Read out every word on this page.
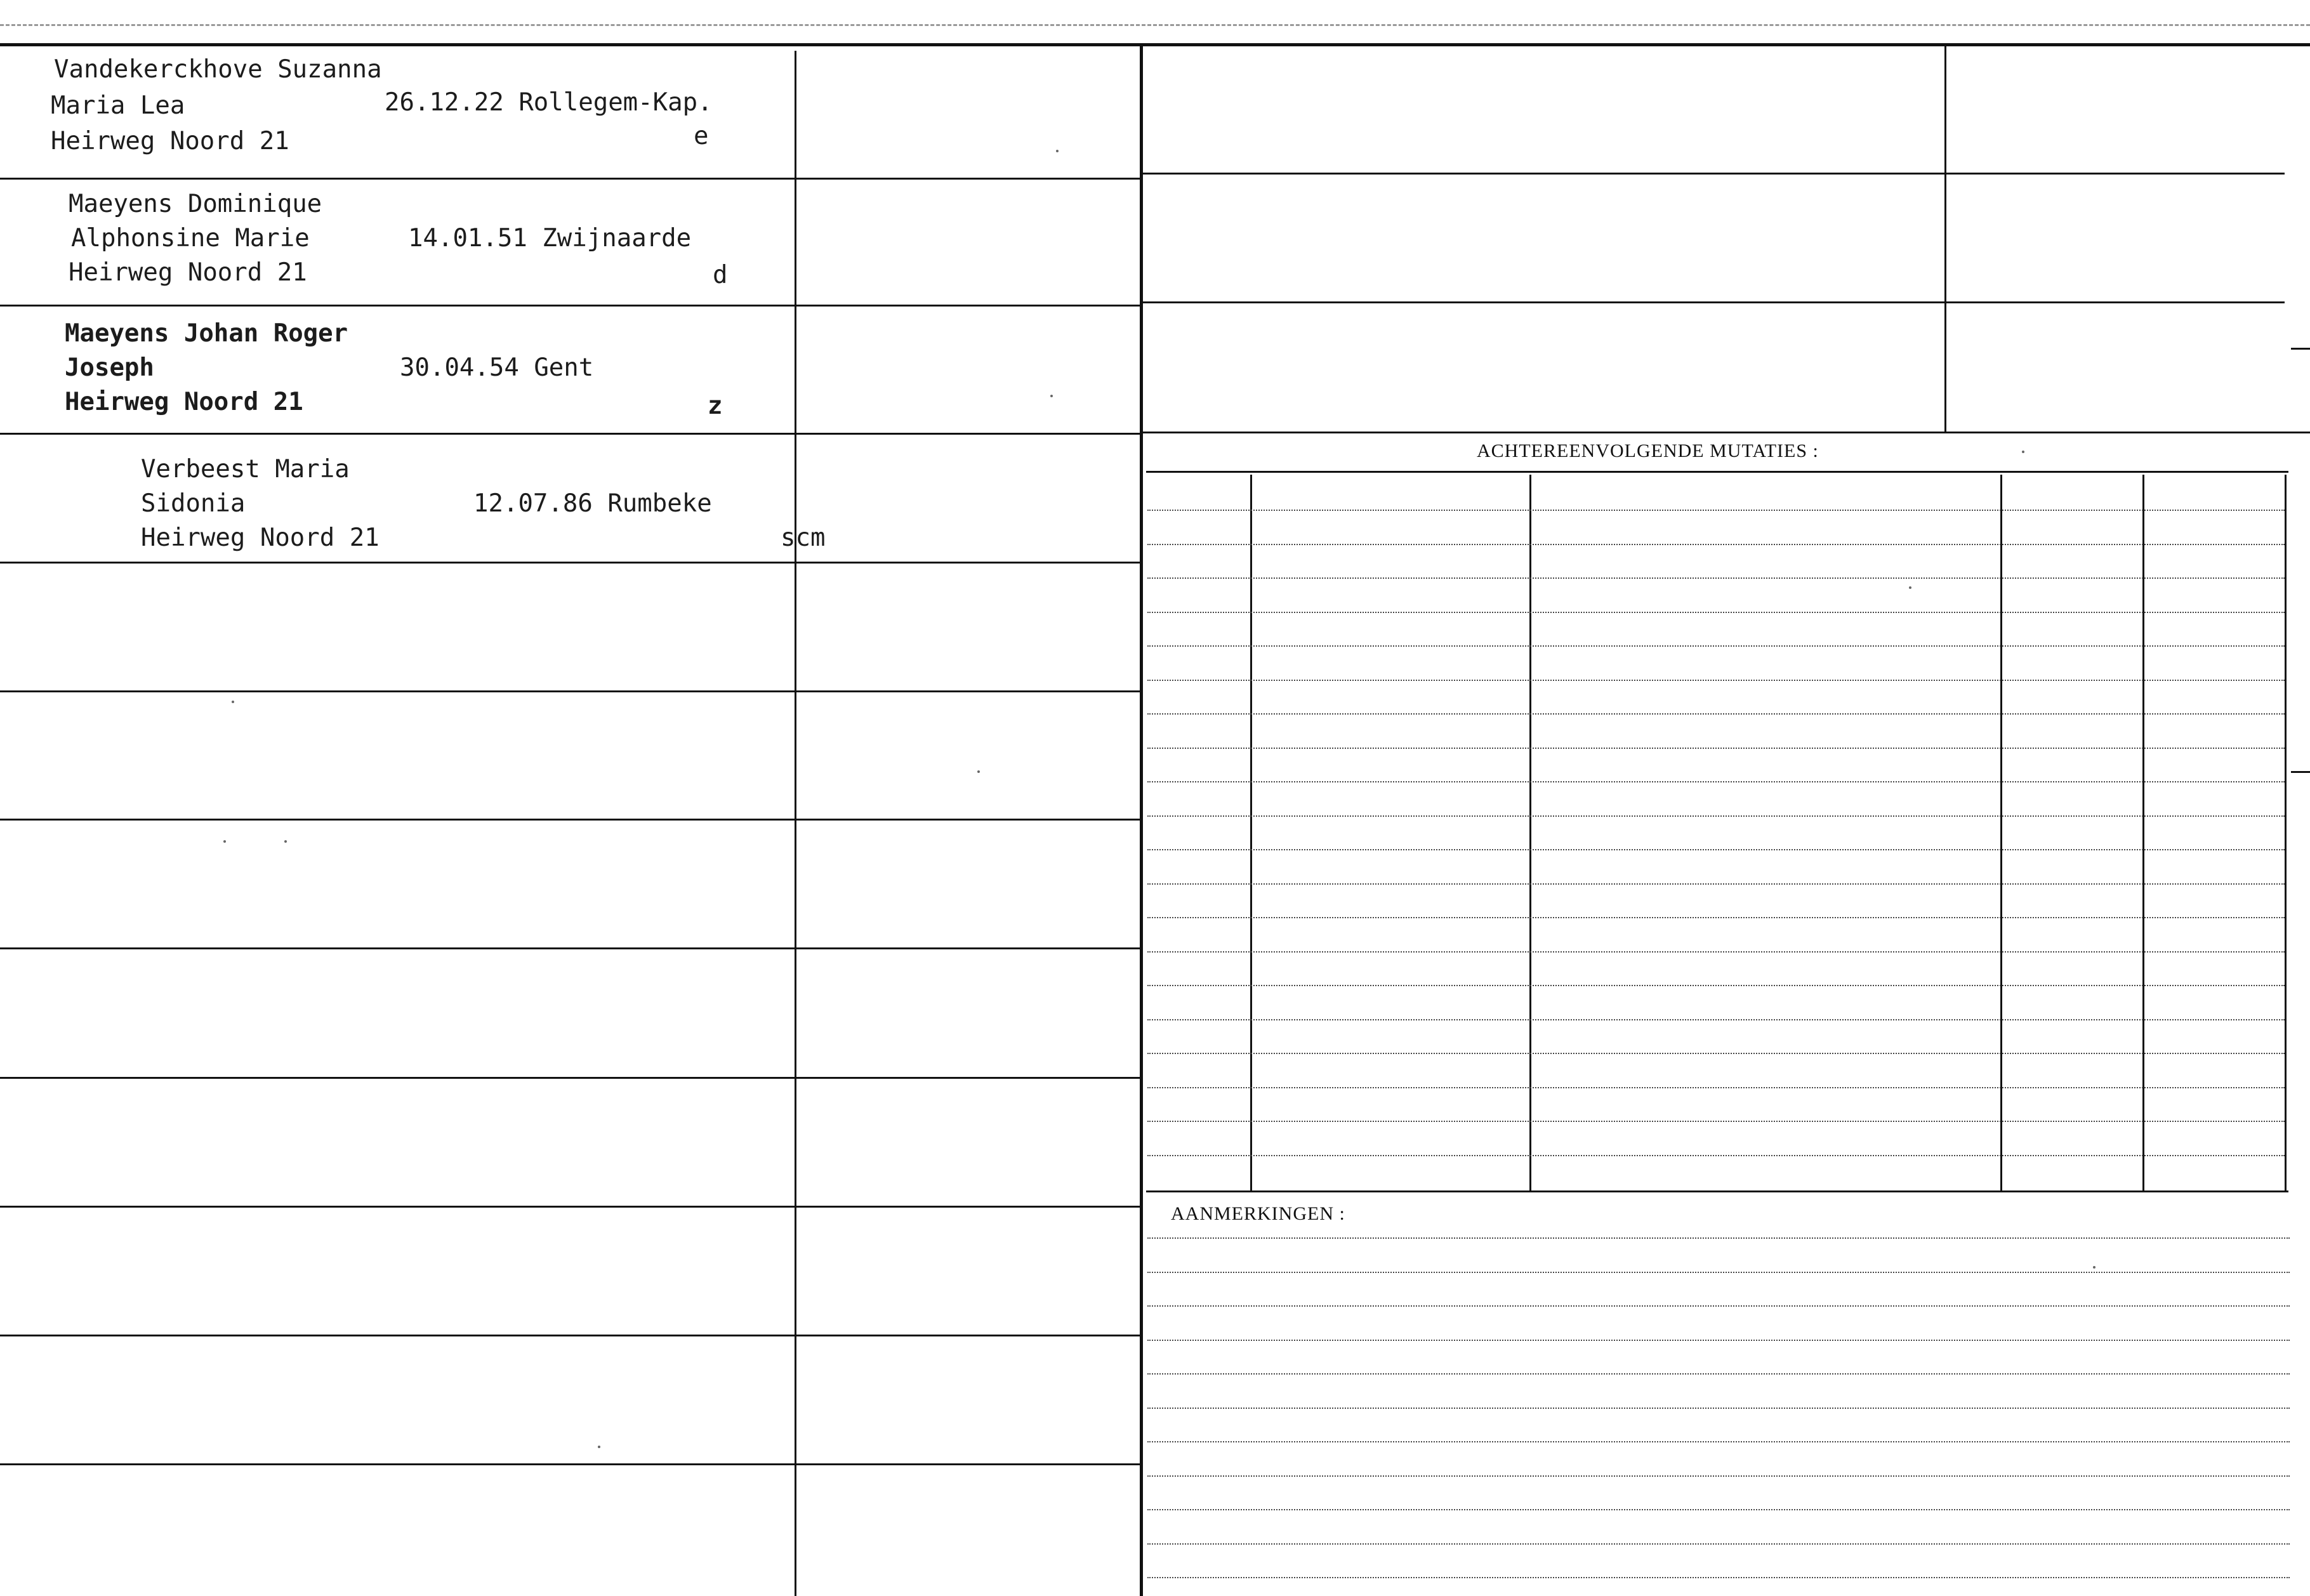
ACHTEREENVOLGENDE MUTATIES :
AANMERKINGEN :
Vandekerckhove Suzanna
Maria Lea	26.12.22 Rollegem-Kap.
Heirweg Noord 21	e
Maeyens Dominique
Alphonsine Marie	14.01.51 Zwijnaarde
Heirweg Noord 21	d
Maeyens Johan Roger
Joseph	30.04.54 Gent
Heirweg Noord 21	z
Verbeest Maria
Sidonia	12.07.86 Rumbeke
Heirweg Noord 21	scm
